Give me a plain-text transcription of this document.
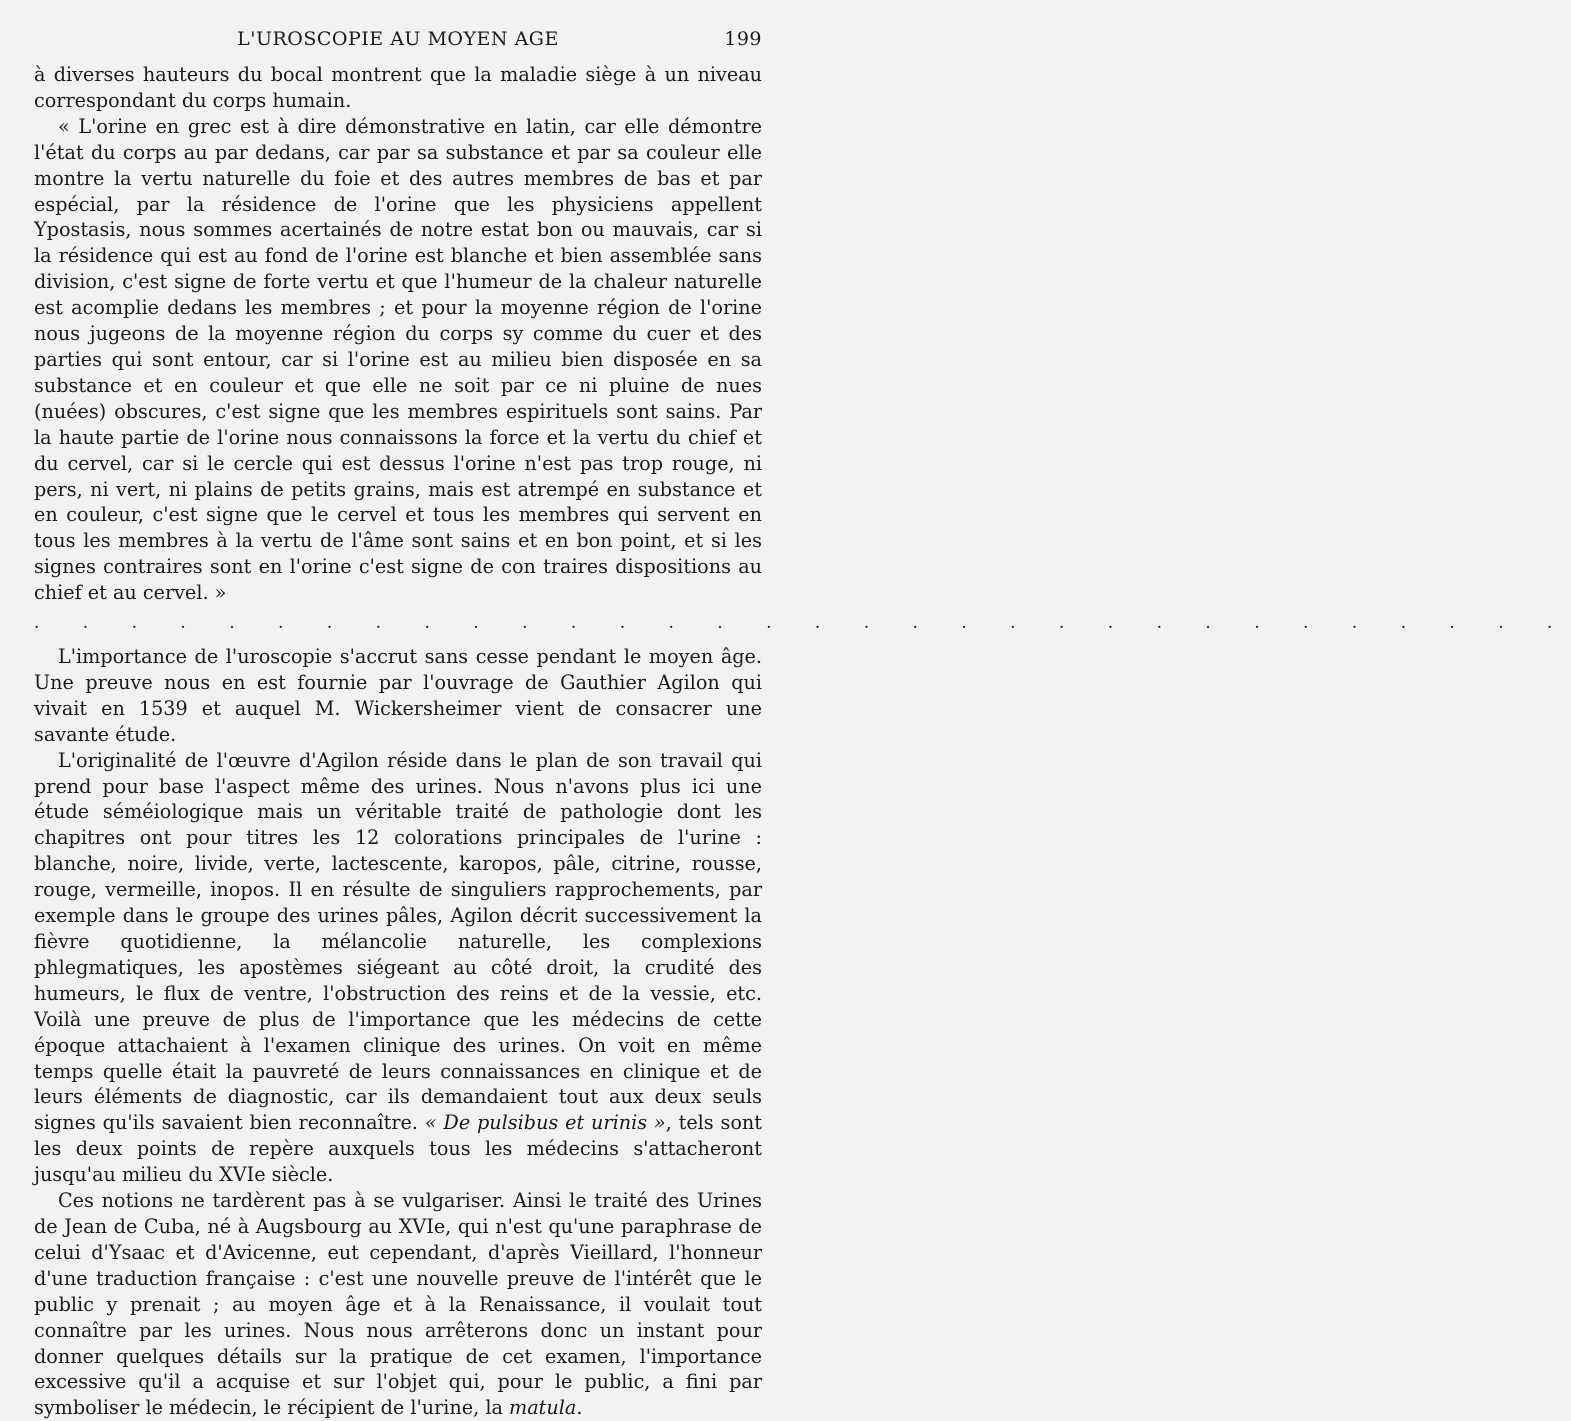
L'UROSCOPIE AU MOYEN AGE	199

à diverses hauteurs du bocal montrent que la maladie siège à un niveau correspondant du corps humain.

« L'orine en grec est à dire démonstrative en latin, car elle démontre l'état du corps au par dedans, car par sa substance et par sa couleur elle montre la vertu naturelle du foie et des autres membres de bas et par espécial, par la résidence de l'orine que les physiciens appellent Ypostasis, nous sommes acertainés de notre estat bon ou mauvais, car si la résidence qui est au fond de l'orine est blanche et bien assemblée sans division, c'est signe de forte vertu et que l'humeur de la chaleur naturelle est acomplie dedans les membres ; et pour la moyenne région de l'orine nous jugeons de la moyenne région du corps sy comme du cuer et des parties qui sont entour, car si l'orine est au milieu bien disposée en sa substance et en couleur et que elle ne soit par ce ni pluine de nues (nuées) obscures, c'est signe que les membres espirituels sont sains. Par la haute partie de l'orine nous connaissons la force et la vertu du chief et du cervel, car si le cercle qui est dessus l'orine n'est pas trop rouge, ni pers, ni vert, ni plains de petits grains, mais est atrempé en substance et en couleur, c'est signe que le cervel et tous les membres qui servent en tous les membres à la vertu de l'âme sont sains et en bon point, et si les signes contraires sont en l'orine c'est signe de con traires dispositions au chief et au cervel. »

. . . . . . . . . . . . . . . . . . . . . . . . . . . . . . . .

L'importance de l'uroscopie s'accrut sans cesse pendant le moyen âge. Une preuve nous en est fournie par l'ouvrage de Gauthier Agilon qui vivait en 1539 et auquel M. Wickersheimer vient de consacrer une savante étude.

L'originalité de l'œuvre d'Agilon réside dans le plan de son travail qui prend pour base l'aspect même des urines. Nous n'avons plus ici une étude séméiologique mais un véritable traité de pathologie dont les chapitres ont pour titres les 12 colorations principales de l'urine : blanche, noire, livide, verte, lactescente, karopos, pâle, citrine, rousse, rouge, vermeille, inopos. Il en résulte de singuliers rapprochements, par exemple dans le groupe des urines pâles, Agilon décrit successivement la fièvre quotidienne, la mélancolie naturelle, les complexions phlegmatiques, les apostèmes siégeant au côté droit, la crudité des humeurs, le flux de ventre, l'obstruction des reins et de la vessie, etc. Voilà une preuve de plus de l'importance que les médecins de cette époque attachaient à l'examen clinique des urines. On voit en même temps quelle était la pauvreté de leurs connaissances en clinique et de leurs éléments de diagnostic, car ils demandaient tout aux deux seuls signes qu'ils savaient bien reconnaître. « De pulsibus et urinis », tels sont les deux points de repère auxquels tous les médecins s'attacheront jusqu'au milieu du XVIe siècle.

Ces notions ne tardèrent pas à se vulgariser. Ainsi le traité des Urines de Jean de Cuba, né à Augsbourg au XVIe, qui n'est qu'une paraphrase de celui d'Ysaac et d'Avicenne, eut cependant, d'après Vieillard, l'honneur d'une traduction française : c'est une nouvelle preuve de l'intérêt que le public y prenait ; au moyen âge et à la Renaissance, il voulait tout connaître par les urines. Nous nous arrêterons donc un instant pour donner quelques détails sur la pratique de cet examen, l'importance excessive qu'il a acquise et sur l'objet qui, pour le public, a fini par symboliser le médecin, le récipient de l'urine, la matula.
